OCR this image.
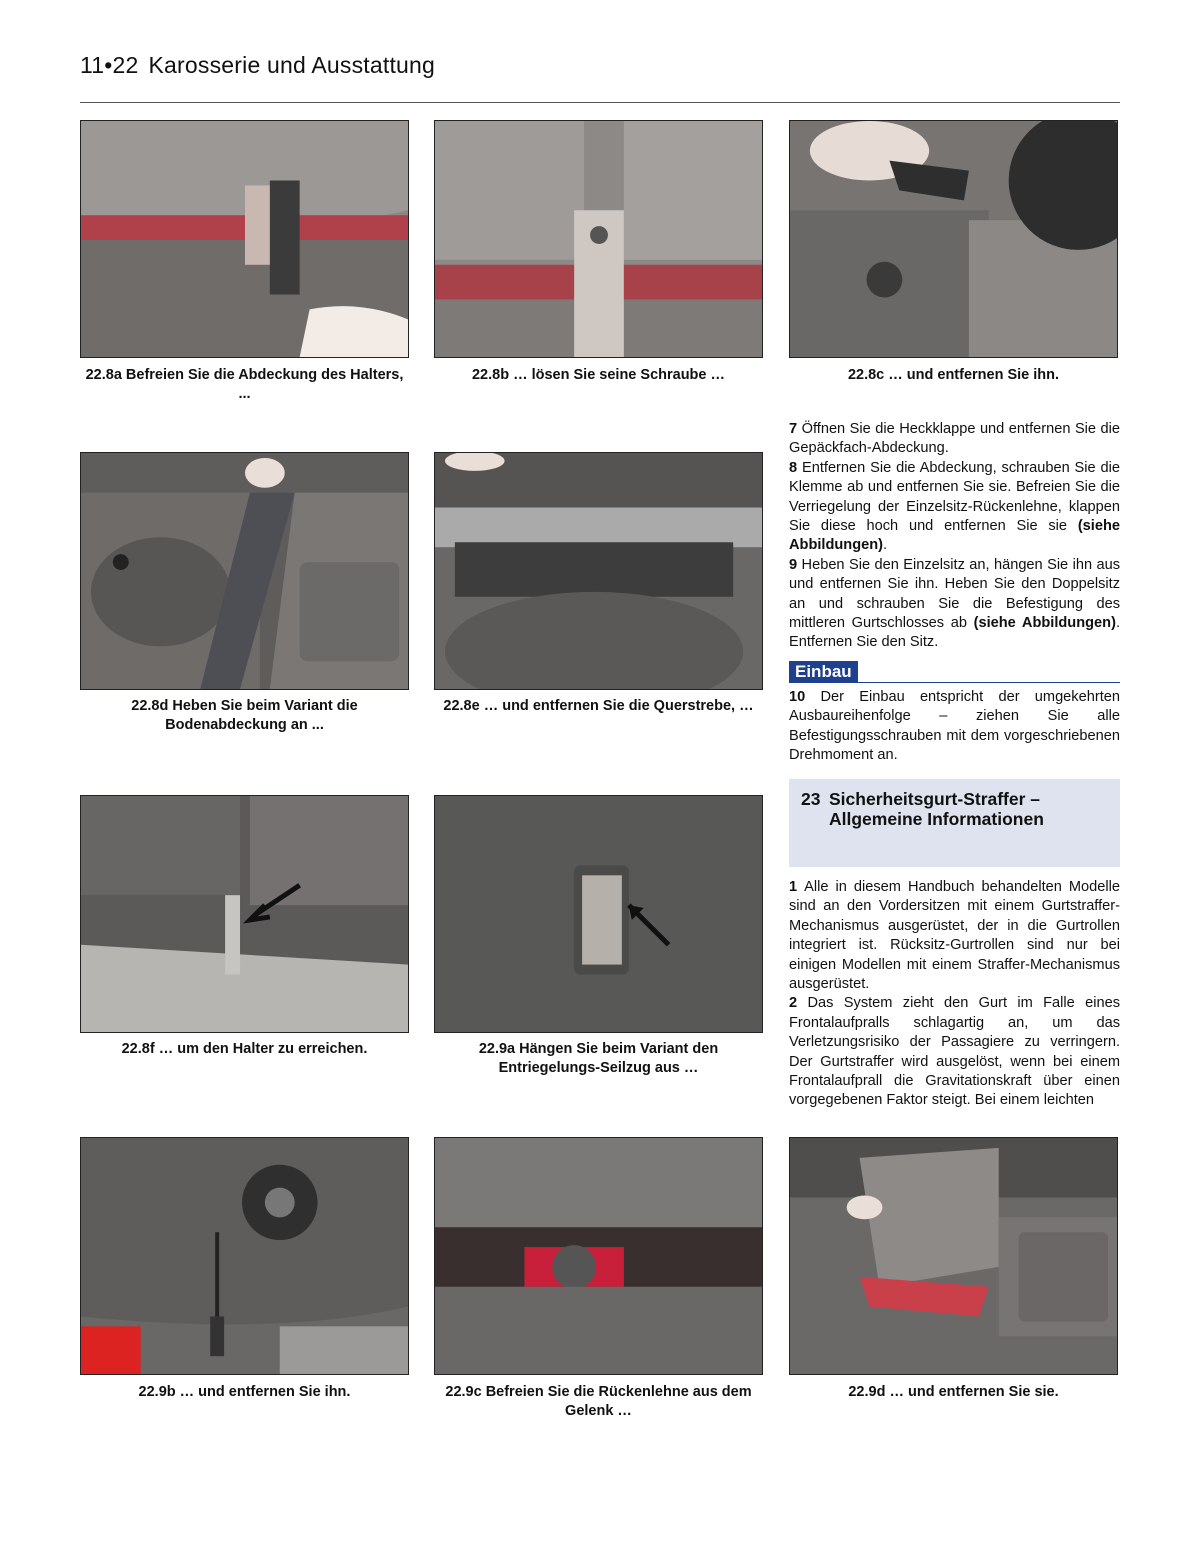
11•22 Karosserie und Ausstattung
22.8a Befreien Sie die Abdeckung des Halters, ...
22.8b … lösen Sie seine Schraube …	22.8c … und entfernen Sie ihn.
22.8d Heben Sie beim Variant die Bodenabdeckung an ...
22.8e … und entfernen Sie die Querstrebe, …

7 Öffnen Sie die Heckklappe und entfernen Sie die Gepäckfach-Abdeckung.

8 Entfernen Sie die Abdeckung, schrauben Sie die Klemme ab und entfernen Sie sie. Befreien Sie die Verriegelung der Einzelsitz-Rückenlehne, klappen Sie diese hoch und entfernen Sie sie (siehe Abbildungen).

9 Heben Sie den Einzelsitz an, hängen Sie ihn aus und entfernen Sie ihn. Heben Sie den Doppelsitz an und schrauben Sie die Befestigung des mittleren Gurtschlosses ab (siehe Abbildungen). Entfernen Sie den Sitz.

Einbau

10 Der Einbau entspricht der umgekehrten Ausbaureihenfolge – ziehen Sie alle Befestigungsschrauben mit dem vorgeschriebenen Drehmoment an.

23 Sicherheitsgurt-Straffer –
Allgemeine Informationen

1 Alle in diesem Handbuch behandelten Modelle sind an den Vordersitzen mit einem Gurtstraffer-Mechanismus ausgerüstet, der in die Gurtrollen integriert ist. Rücksitz-Gurtrollen sind nur bei einigen Modellen mit einem Straffer-Mechanismus ausgerüstet.

2 Das System zieht den Gurt im Falle eines Frontalaufpralls schlagartig an, um das Verletzungsrisiko der Passagiere zu verringern. Der Gurtstraffer wird ausgelöst, wenn bei einem Frontalaufprall die Gravitationskraft über einen vorgegebenen Faktor steigt. Bei einem leichten

22.8f … um den Halter zu erreichen.	22.9a Hängen Sie beim Variant den Entriegelungs-Seilzug aus …
22.9b … und entfernen Sie ihn.	22.9c Befreien Sie die Rückenlehne aus dem Gelenk …
22.9d … und entfernen Sie sie.
